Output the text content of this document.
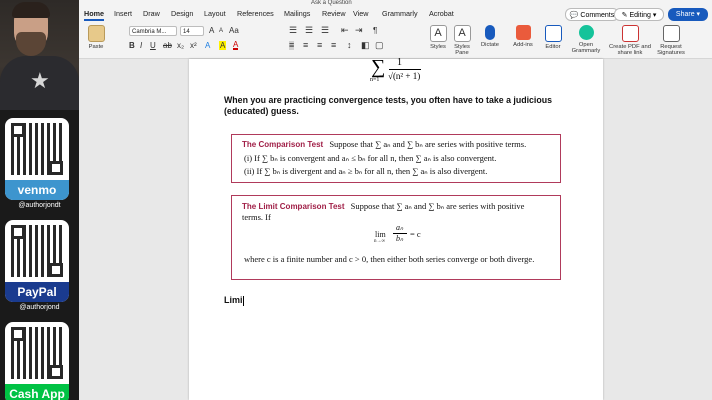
★
venmo
@authorjondt
PayPal
@authorjond
Cash App
Ask a Question
Home Insert Draw Design Layout References Mailings Review View Grammarly Acrobat	💬 Comments	✎ Editing ▾	Share ▾
Paste
Cambria M...	14	A A Aa
B I U ab x₂ x² A A A
☰ ☰ ☰ ⇤ ⇥ ¶
≡ ≡ ≡ ≡ ↕ ◧ ▢
A
Styles
A
Styles Pane
Dictate	Add-ins	Editor	Open Grammarly
Create PDF and share link
Request Signatures
∑
n=1
1
√(n² + 1)
When you are practicing convergence tests, you often have to take a judicious (educated) guess.
The Comparison Test Suppose that ∑ aₙ and ∑ bₙ are series with positive terms.
(i) If ∑ bₙ is convergent and aₙ ≤ bₙ for all n, then ∑ aₙ is also convergent.
(ii) If ∑ bₙ is divergent and aₙ ≥ bₙ for all n, then ∑ aₙ is also divergent.
The Limit Comparison Test Suppose that ∑ aₙ and ∑ bₙ are series with positive terms. If
lim
n→∞
aₙ
bₙ = c
where c is a finite number and c > 0, then either both series converge or both diverge.
Limi
